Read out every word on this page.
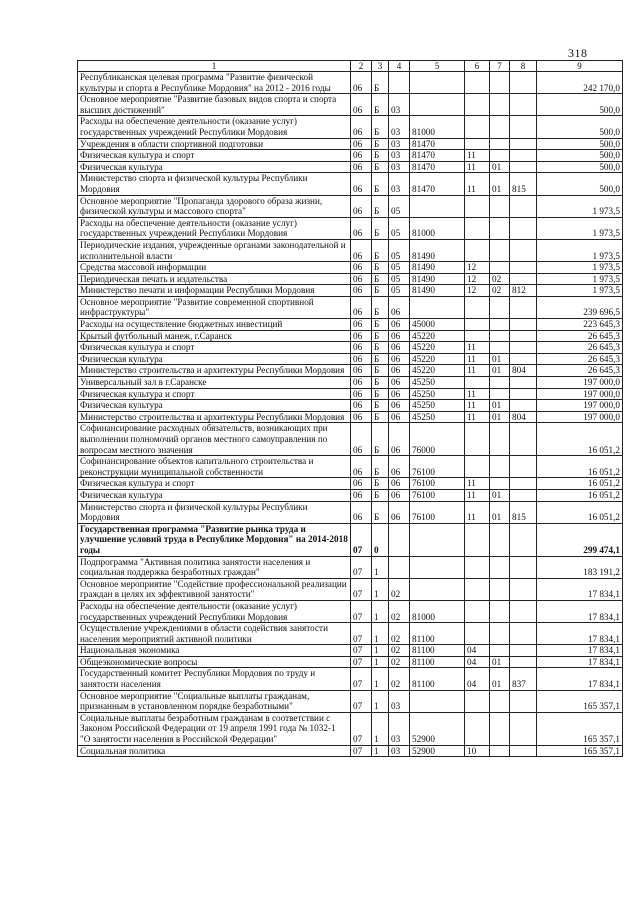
318
1	2	3	4	5	6	7	8	9
Республиканская целевая программа "Развитие физической культуры и спорта в Республике Мордовия" на 2012 - 2016 годы	06	Б						242 170,0
Основное мероприятие "Развитие базовых видов спорта и спорта высших достижений"	06	Б	03					500,0
Расходы на обеспечение деятельности (оказание услуг) государственных учреждений Республики Мордовия	06	Б	03	81000				500,0
Учреждения в области спортивной подготовки	06	Б	03	81470				500,0
Физическая культура и спорт	06	Б	03	81470	11			500,0
Физическая культура	06	Б	03	81470	11	01		500,0
Министерство спорта и физической культуры Республики Мордовия	06	Б	03	81470	11	01	815	500,0
Основное мероприятие "Пропаганда здорового образа жизни, физической культуры и массового спорта"	06	Б	05					1 973,5
Расходы на обеспечение деятельности (оказание услуг) государственных учреждений Республики Мордовия	06	Б	05	81000				1 973,5
Периодические издания, учрежденные органами законодательной и исполнительной власти	06	Б	05	81490				1 973,5
Средства массовой информации	06	Б	05	81490	12			1 973,5
Периодическая печать и издательства	06	Б	05	81490	12	02		1 973,5
Министерство печати и информации Республики Мордовия	06	Б	05	81490	12	02	812	1 973,5
Основное мероприятие "Развитие современной спортивной инфраструктуры"	06	Б	06					239 696,5
Расходы на осуществление бюджетных инвестиций	06	Б	06	45000				223 645,3
Крытый футбольный манеж, г.Саранск	06	Б	06	45220				26 645,3
Физическая культура и спорт	06	Б	06	45220	11			26 645,3
Физическая культура	06	Б	06	45220	11	01		26 645,3
Министерство строительства и архитектуры Республики Мордовия	06	Б	06	45220	11	01	804	26 645,3
Универсальный зал в г.Саранске	06	Б	06	45250				197 000,0
Физическая культура и спорт	06	Б	06	45250	11			197 000,0
Физическая культура	06	Б	06	45250	11	01		197 000,0
Министерство строительства и архитектуры Республики Мордовия	06	Б	06	45250	11	01	804	197 000,0
Софинансирование расходных обязательств, возникающих при выполнении полномочий органов местного самоуправления по вопросам местного значения	06	Б	06	76000				16 051,2
Софинансирование объектов капитального строительства и реконструкции муниципальной собственности	06	Б	06	76100				16 051,2
Физическая культура и спорт	06	Б	06	76100	11			16 051,2
Физическая культура	06	Б	06	76100	11	01		16 051,2
Министерство спорта и физической культуры Республики Мордовия	06	Б	06	76100	11	01	815	16 051,2
Государственная программа "Развитие рынка труда и улучшение условий труда в Республике Мордовия" на 2014-2018 годы	07	0						299 474,1
Подпрограмма "Активная политика занятости населения и социальная поддержка безработных граждан"	07	1						183 191,2
Основное мероприятие "Содействие профессиональной реализации граждан в целях их эффективной занятости"	07	1	02					17 834,1
Расходы на обеспечение деятельности (оказание услуг) государственных учреждений Республики Мордовия	07	1	02	81000				17 834,1
Осуществление учреждениями в области содействия занятости населения мероприятий активной политики	07	1	02	81100				17 834,1
Национальная экономика	07	1	02	81100	04			17 834,1
Общеэкономические вопросы	07	1	02	81100	04	01		17 834,1
Государственный комитет Республики Мордовия по труду и занятости населения	07	1	02	81100	04	01	837	17 834,1
Основное мероприятие "Социальные выплаты гражданам, признанным в установленном порядке безработными"	07	1	03					165 357,1
Социальные выплаты безработным гражданам в соответствии с Законом Российской Федерации от 19 апреля 1991 года № 1032-1 "О занятости населения в Российской Федерации"	07	1	03	52900				165 357,1
Социальная политика	07	1	03	52900	10			165 357,1
